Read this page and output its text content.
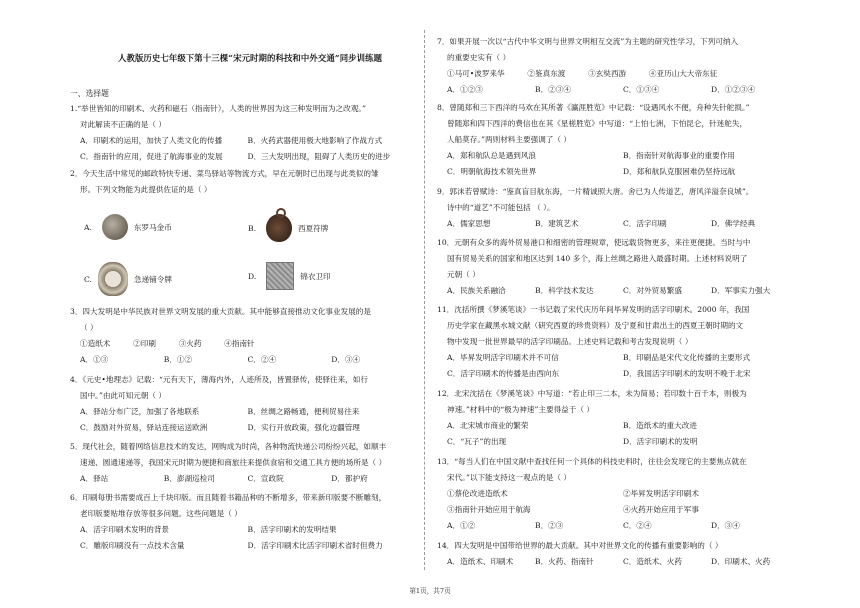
人教版历史七年级下第十三棵“宋元时期的科技和中外交通”同步训练题
一、选择题
1.“举世皆知的印刷术、火药和磁石（指南针），人类的世界因为这三种发明而为之改观。”
对此解读不正确的是（ ）
A．印刷术的运用，加快了人类文化的传播	B．火药武器使用极大地影响了作战方式
C．指南针的应用，促进了航海事业的发展	D．三大发明出现，阻碍了人类历史的进步
2．今天生活中常见的邮政特快专递、菜鸟驿站等物流方式，早在元朝时已出现与此类似的雏
形。下列文物能为此提供佐证的是（ ）
A.	东罗马金币	B.	西夏符牌
C.	急递铺令牌	D.	锦衣卫印
3．四大发明是中华民族对世界文明发展的重大贡献。其中能够直接推动文化事业发展的是
（ ）
①造纸术　　　②印刷　　　③火药　　　④指南针
A．①③	B．①②	C．②④	D．③④
4．《元史•地理志》记载：“元有天下，薄海内外，人迹所及，皆置驿传，使驿往来，如行
国中。”由此可知元朝（ ）
A．驿站分布广泛，加强了各地联系	B．丝绸之路畅通，便利贸易往来
C．鼓励对外贸易，驿站连接运送欧洲	D．实行开放政策，强化边疆管理
5．现代社会，随着网络信息技术的发达，网购成为时尚，各种物流快递公司纷纷兴起，如顺丰
速递、圆通速递等，我国宋元时期为便捷和商旅往来提供食宿和交通工具方便的场所是（ ）
A．驿站	B．澎湖巡检司	C．宣政院	D．都护府
6．印刷每册书需要成百上千块印版。而且随着书籍品种的不断增多，带来新印版要不断雕刻，
老印版要贴堆存放等很多问题。这些问题是（ ）
A．活字印刷术发明的背景	B．活字印刷术的发明结果
C．雕版印刷没有一点技术含量	D．活字印刷术比活字印刷术省时但费力
7．如果开展一次以“古代中华文明与世界文明相互交流”为主题的研究性学习，下列可纳入
的重要史实有（ ）
①马可•波罗来华　　　②鉴真东渡　　　③玄奘西游　　　④亚历山大大帝东征
A．①②③	B．②③④	C．①③④	D．①②③④
8．曾随郑和三下西洋的马欢在其所著《瀛涯胜览》中记载：“设遇风水不便，舟种失针舵损。”
曾随郑和四下西洋的费信也在其《星槎胜览》中写道：“上怕七洲，下怕昆仑，针迷舵失，
人船莫存。”两则材料主要强调了（ ）
A．郑和航队总是遇到风浪	B．指南针对航海事业的重要作用
C．明朝航海技术领先世界	D．郑和航队克服困难仍坚持远航
9．郭沫若曾赋诗：“鉴真盲目航东海，一片精诚照大唐。舍已为人传道艺，唐风洋溢奈良城”。
诗中的“道艺”不可能包括 （ ）。
A．儒家思想	B．建筑艺术	C．活字印刷	D．佛学经典
10．元朝有众多的海外贸易港口和细密的管理规章，使远载货物更多，来往更便捷。当时与中
国有贸易关系的国家和地区达到 140 多个，海上丝绸之路进入最盛时期。上述材料说明了
元朝（ ）
A．民族关系融洽	B．科学技术发达	C．对外贸易繁盛	D．军事实力强大
11．沈括所撰《梦溪笔谈》一书记载了宋代庆历年间毕昇发明的活字印刷术。2000 年，我国
历史学家在藏黑水城文献（研究西夏的珍贵资料）及宁夏和甘肃出土的西夏王朝时期的文
物中发现一批世界最早的活字印刷品。上述史料记载和考古发现说明（ ）
A．毕昇发明活字印刷术并不可信	B．印刷品是宋代文化传播的主要形式
C．活字印刷术的传播是由西向东	D．我国活字印刷术的发明不晚于北宋
12．北宋沈括在《梦溪笔谈》中写道：“若止印三二本，未为简易；若印数十百千本，则极为
神速。”材料中的“极为神速”主要得益于（ ）
A．北宋城市商业的繁荣	B．造纸术的重大改进
C．“瓦子”的出现	D．活字印刷术的发明
13．“每当人们在中国文献中查找任何一个具体的科技史料时，往往会发现它的主要焦点就在
宋代。”以下能支持这一观点的是（ ）
①蔡伦改进造纸术	②毕昇发明活字印刷术
③指南针开始应用于航海	④火药开始应用于军事
A．①②	B．②③	C．②④	D．③④
14．四大发明是中国带给世界的最大贡献。其中对世界文化的传播有重要影响的（ ）
A．造纸术、印刷术	B．火药、指南针	C．造纸术、火药	D．印刷术、火药
第1页，共7页
